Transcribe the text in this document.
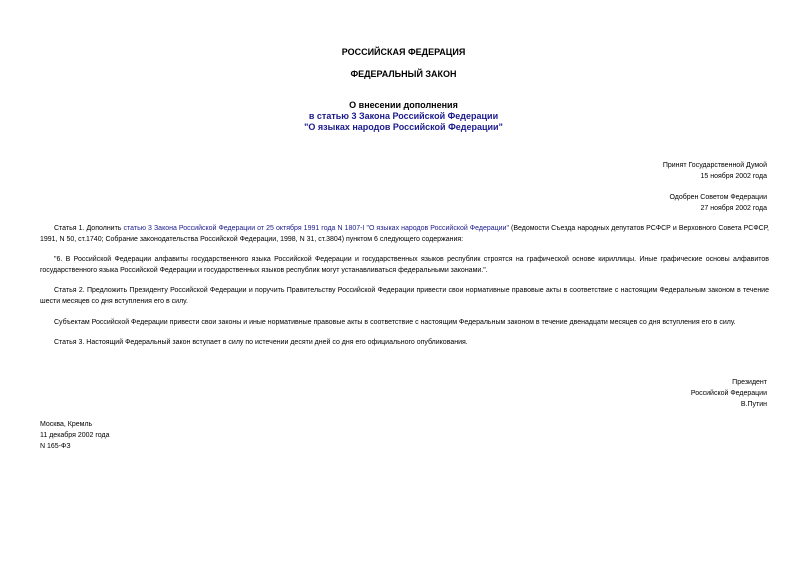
РОССИЙСКАЯ ФЕДЕРАЦИЯ
ФЕДЕРАЛЬНЫЙ ЗАКОН
О внесении дополнения
в статью 3 Закона Российской Федерации
"О языках народов Российской Федерации"
Принят Государственной Думой
15 ноября 2002 года
Одобрен Советом Федерации
27 ноября 2002 года

Статья 1. Дополнить статью 3 Закона Российской Федерации от 25 октября 1991 года N 1807-I "О языках народов Российской Федерации" (Ведомости Съезда народных депутатов РСФСР и Верховного Совета РСФСР, 1991, N 50, ст.1740; Собрание законодательства Российской Федерации, 1998, N 31, ст.3804) пунктом 6 следующего содержания:

"6. В Российской Федерации алфавиты государственного языка Российской Федерации и государственных языков республик строятся на графической основе кириллицы. Иные графические основы алфавитов государственного языка Российской Федерации и государственных языков республик могут устанавливаться федеральными законами.".

Статья 2. Предложить Президенту Российской Федерации и поручить Правительству Российской Федерации привести свои нормативные правовые акты в соответствие с настоящим Федеральным законом в течение шести месяцев со дня вступления его в силу.

Субъектам Российской Федерации привести свои законы и иные нормативные правовые акты в соответствие с настоящим Федеральным законом в течение двенадцати месяцев со дня вступления его в силу.

Статья 3. Настоящий Федеральный закон вступает в силу по истечении десяти дней со дня его официального опубликования.

Президент
Российской Федерации
В.Путин
Москва, Кремль
11 декабря 2002 года
N 165-ФЗ
